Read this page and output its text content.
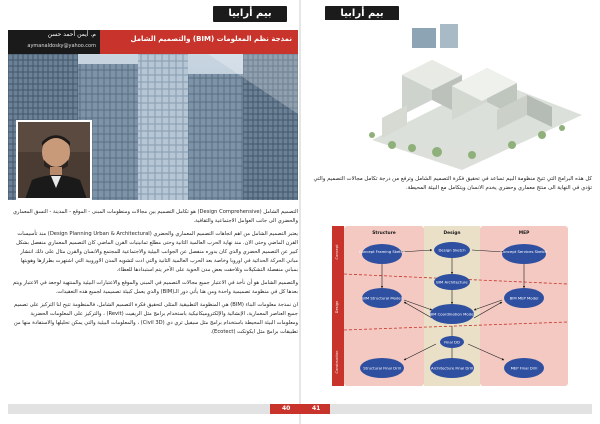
بيم أرابيا
م. أيمن أحمد حسن
aymanaldosky@yahoo.com
نمذجة نظم المعلومات (BIM) والتصميم الشامل

التصميم الشامل (Design Comprehensive) هو تكامل التصميم بين مجالات ومنظومات المبنى - الموقع - المدينة - النسق المعماري والحضري الى جانب العوامل الاجتماعية والثقافية.

يعتبر التصميم الشامل من اهم اتجاهات التصميم المعماري والحضري (Design Planning Urban & Architectural) منذ تأسيسات القرن الماضي وحتى الان. منذ نهاية الحرب العالمية الثانية وحتى مطلع ثمانينيات القرن الماضي كان التصميم المعماري منفصل بشكل كبير عن التصميم الحضري والذي كان بدوره منفصل عن الجوانب البيئية والاجتماعية للمجتمع والانسان والقرن مثال على ذلك انتشار مباني الحركة الحداثية في اوروبا وخاصة بعد الحرب العالمية الثانية والتي ادت لتشويه المدن الاوروبية التي اشتهرت بطرازها وهويتها بمباني منفصلة التشكيلات وتلاحقت بعض مدن الحوية على الأخر يتم استبدادها للعطاء.

والتصميم الشامل هو أن نأخذ في الاعتبار جميع مجالات التصميم في المبنى والموقع والاعتبارات البيئية والمنتهية لوجعد في الاعتبار ويتم بعدها كل في منظومة تصميمية واحدة ومن هنا يأتي دور الـ(BIM) والذي يعمل كبيئة تصميمية لجميع هذه التعقيدات.

ان نمذجة معلومات البناء (BIM) هي المنظومة التطبيقية المثلى لتحقيق فكرة التصميم الشامل، فالمنظومة تتيح لنا التركيز على تصميم جميع العناصر المعمارية، الإنشائية والإلكتروميكانيكية باستخدام برامج مثل الريفيت (Revit) ، والتركيز على المعلومات الحضرية ومعلومات البيئة المحيطة باستخدام برامج مثل سيفيل ثري دي (Civil 3D) ، والمعلومات البيئية والتي يمكن تحليلها والاستفادة منها من تطبيقات برامج مثل ايكوتكت (Ecotect).

بيم أرابيا
كل هذه البرامج التي تتيح منظومة البيم تساعد في تحقيق فكرة التصميم الشامل وترفع من درجة تكامل مجالات التصميم والتي تؤدي في النهاية الى منتج معماري وحضري يخدم الانسان ويتكامل مع البيئة المحيطة.
Concept
Design
Construction
Structure	Design	MEP
Concept Framing Sketch	Design Sketch	Concept Services Sketch
BIM Structural Model
BIM Architecture
BIM Coordination Model
BIM MEP Model
Final DD
Structural Final Drill	Architecture Final Drill	MEP Final Drill
40	41
